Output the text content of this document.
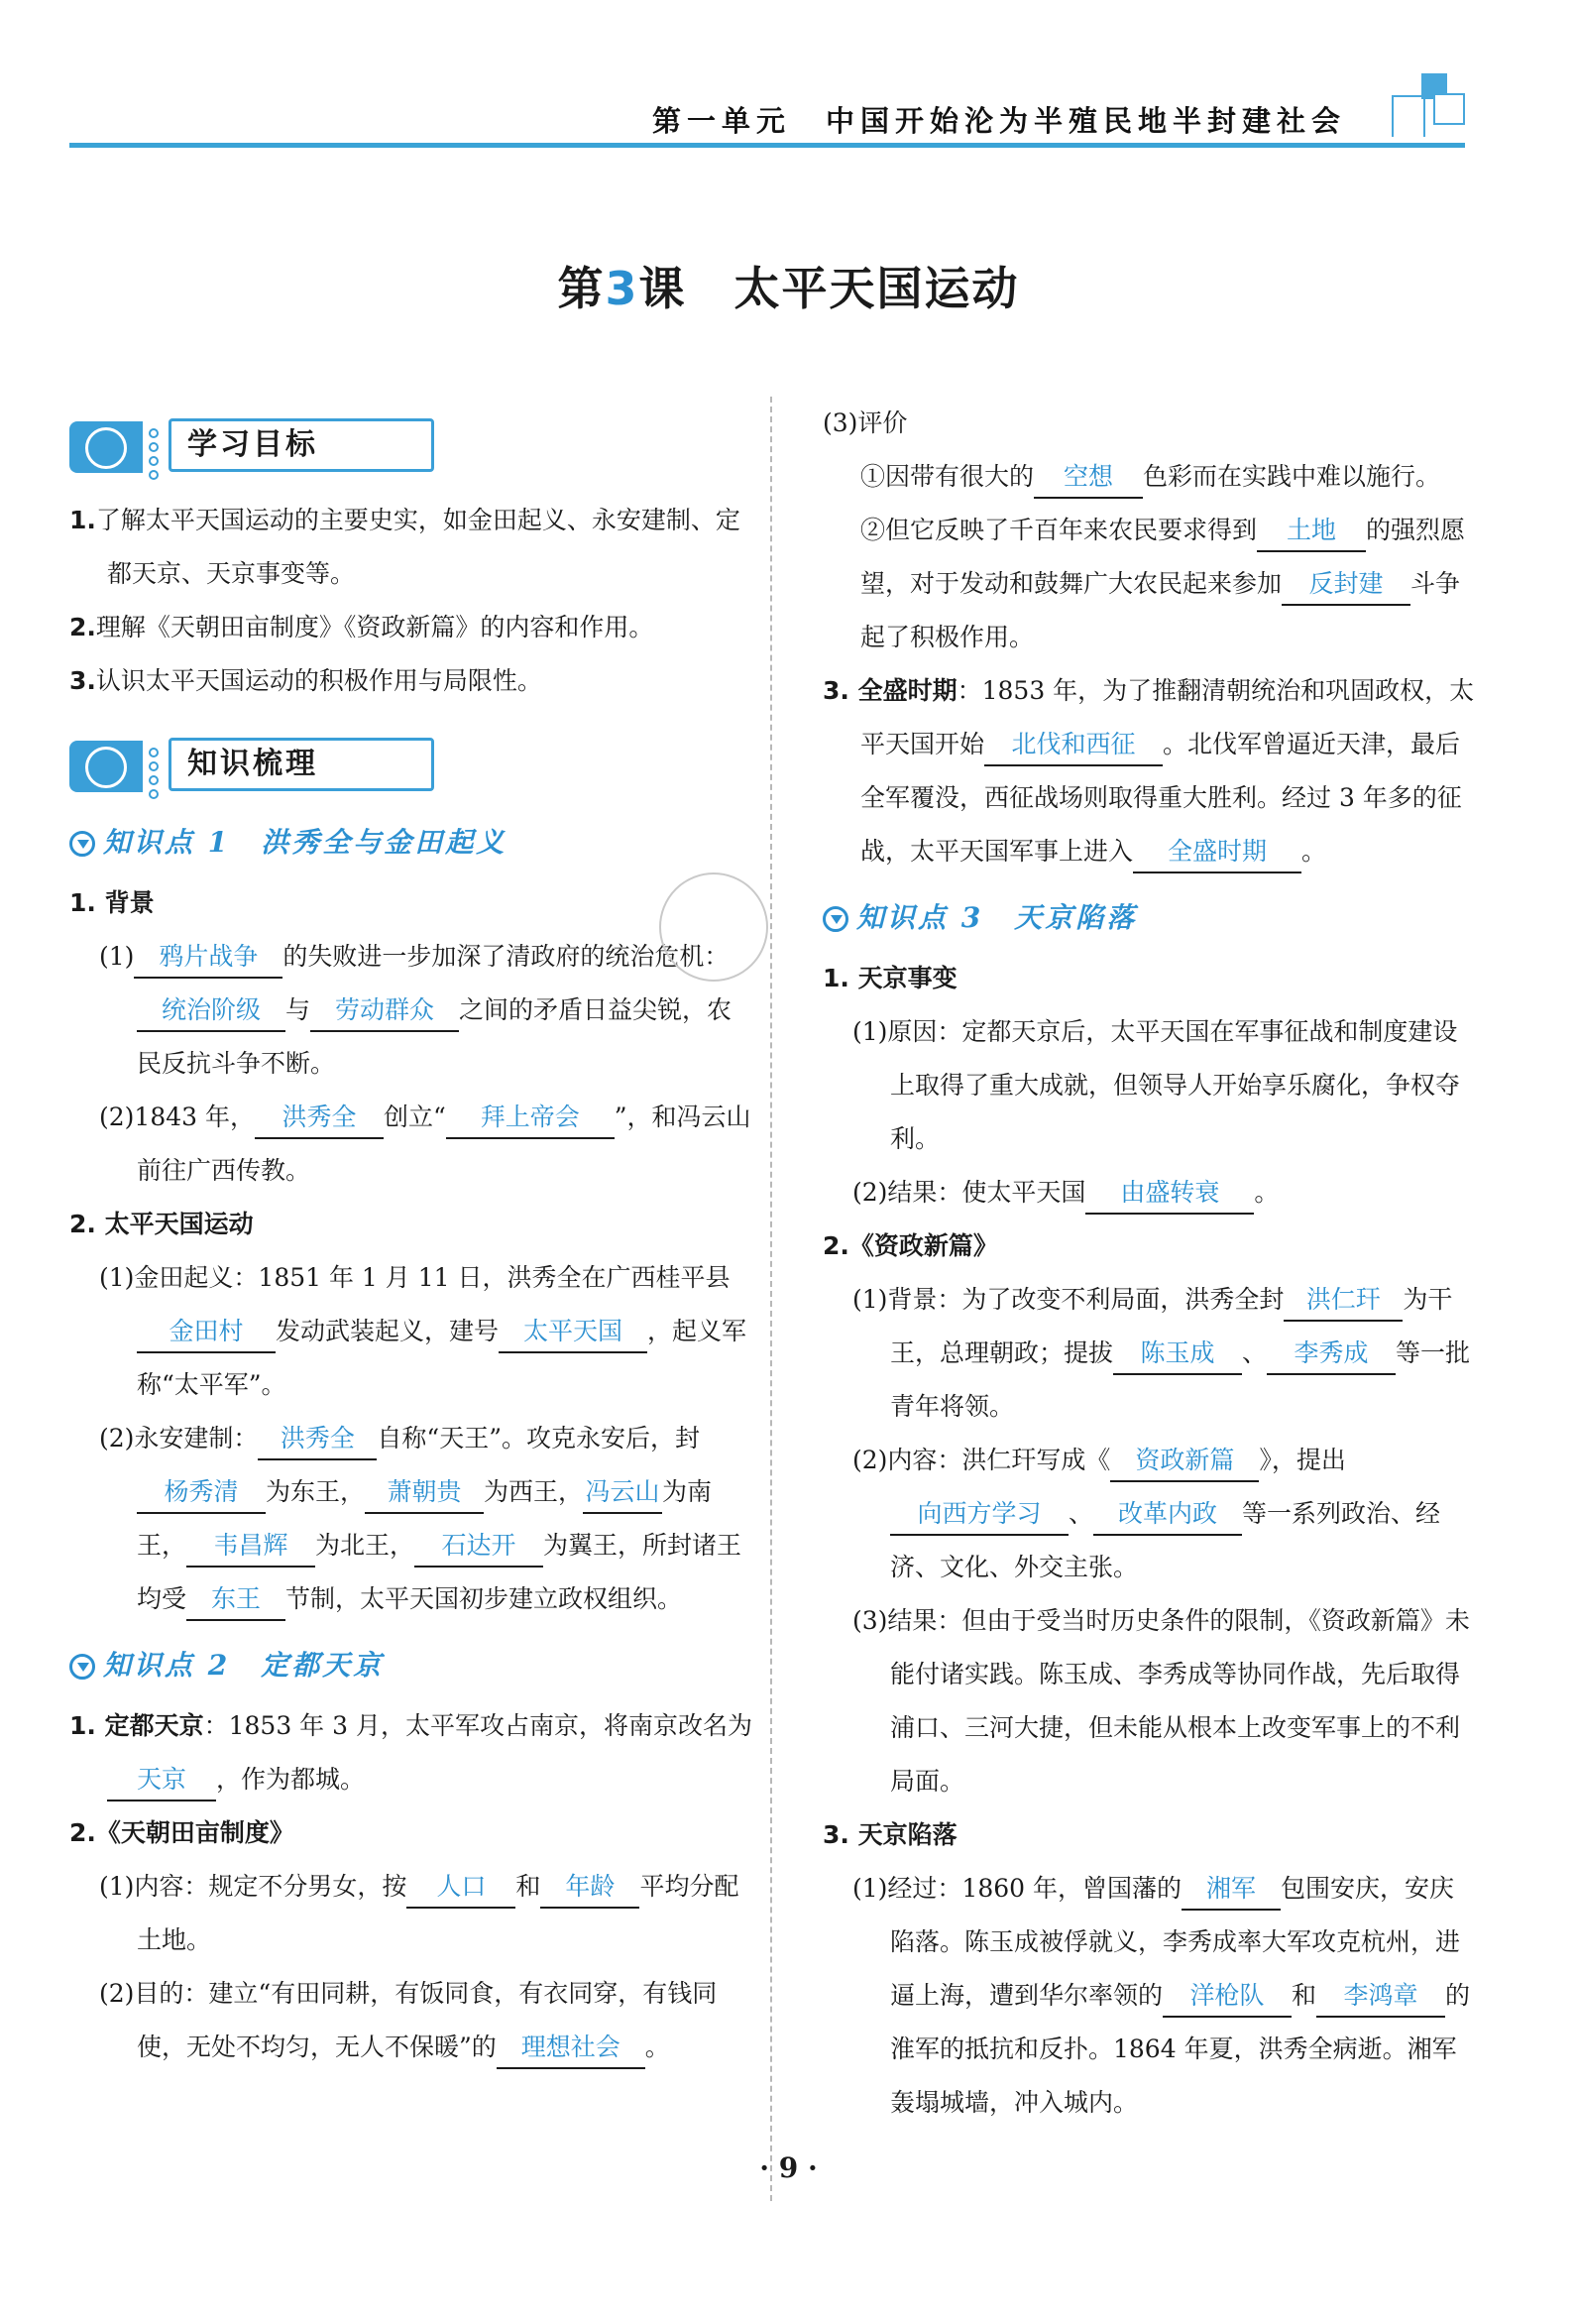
第一单元　中国开始沦为半殖民地半封建社会
第3课　 太平天国运动
学习目标

1.了解太平天国运动的主要史实，如金田起义、永安建制、定都天京、天京事变等。

2.理解《天朝田亩制度》《资政新篇》的内容和作用。

3.认识太平天国运动的积极作用与局限性。

知识梳理
知识点 1　洪秀全与金田起义

1. 背景

(1) 鸦片战争 的失败进一步加深了清政府的统治危机：统治阶级 与 劳动群众 之间的矛盾日益尖锐，农民反抗斗争不断。

(2)1843 年， 洪秀全 创立“ 拜上帝会 ”，和冯云山前往广西传教。

2. 太平天国运动

(1)金田起义：1851 年 1 月 11 日，洪秀全在广西桂平县金田村 发动武装起义，建号 太平天国 ，起义军称“太平军”。

(2)永安建制： 洪秀全 自称“天王”。攻克永安后，封杨秀清 为东王， 萧朝贵 为西王，冯云山 为南王， 韦昌辉 为北王， 石达开 为翼王，所封诸王均受 东王 节制，太平天国初步建立政权组织。

知识点 2　定都天京

1. 定都天京：1853 年 3 月，太平军攻占南京，将南京改名为天京 ，作为都城。

2.《天朝田亩制度》

(1)内容：规定不分男女，按 人口 和 年龄 平均分配土地。

(2)目的：建立“有田同耕，有饭同食，有衣同穿，有钱同使，无处不均匀，无人不保暖”的 理想社会 。

(3)评价

①因带有很大的 空想 色彩而在实践中难以施行。

②但它反映了千百年来农民要求得到 土地 的强烈愿望，对于发动和鼓舞广大农民起来参加 反封建 斗争起了积极作用。

3. 全盛时期：1853 年，为了推翻清朝统治和巩固政权，太平天国开始 北伐和西征 。北伐军曾逼近天津，最后全军覆没，西征战场则取得重大胜利。经过 3 年多的征战，太平天国军事上进入 全盛时期 。

知识点 3　天京陷落

1. 天京事变

(1)原因：定都天京后，太平天国在军事征战和制度建设上取得了重大成就，但领导人开始享乐腐化，争权夺利。

(2)结果：使太平天国 由盛转衰 。

2.《资政新篇》

(1)背景：为了改变不利局面，洪秀全封 洪仁玕 为干王，总理朝政；提拔 陈玉成 、 李秀成 等一批青年将领。

(2)内容：洪仁玕写成《 资政新篇 》，提出向西方学习 、 改革内政 等一系列政治、经济、文化、外交主张。

(3)结果：但由于受当时历史条件的限制，《资政新篇》未能付诸实践。陈玉成、李秀成等协同作战，先后取得浦口、三河大捷，但未能从根本上改变军事上的不利局面。

3. 天京陷落

(1)经过：1860 年，曾国藩的 湘军 包围安庆，安庆陷落。陈玉成被俘就义，李秀成率大军攻克杭州，进逼上海，遭到华尔率领的 洋枪队 和 李鸿章 的淮军的抵抗和反扑。1864 年夏，洪秀全病逝。湘军轰塌城墙，冲入城内。

· 9 ·
